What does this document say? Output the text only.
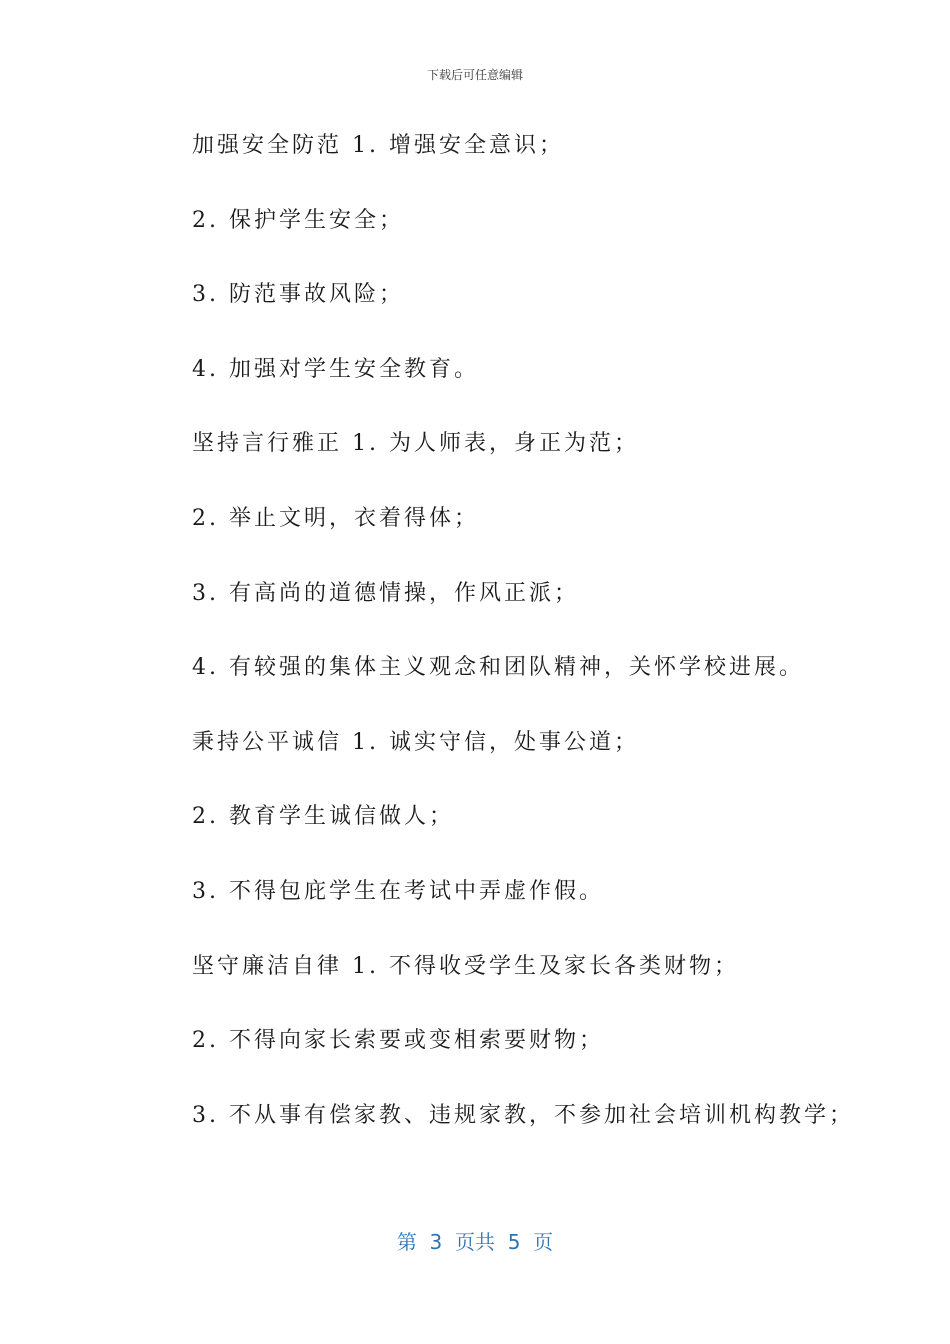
下载后可任意编辑
加强安全防范 1. 增强安全意识；
2. 保护学生安全；
3. 防范事故风险；
4. 加强对学生安全教育。
坚持言行雅正 1. 为人师表，身正为范；
2. 举止文明，衣着得体；
3. 有高尚的道德情操，作风正派；
4. 有较强的集体主义观念和团队精神，关怀学校进展。
秉持公平诚信 1. 诚实守信，处事公道；
2. 教育学生诚信做人；
3. 不得包庇学生在考试中弄虚作假。
坚守廉洁自律 1. 不得收受学生及家长各类财物；
2. 不得向家长索要或变相索要财物；
3. 不从事有偿家教、违规家教，不参加社会培训机构教学；
第  3  页共  5  页
